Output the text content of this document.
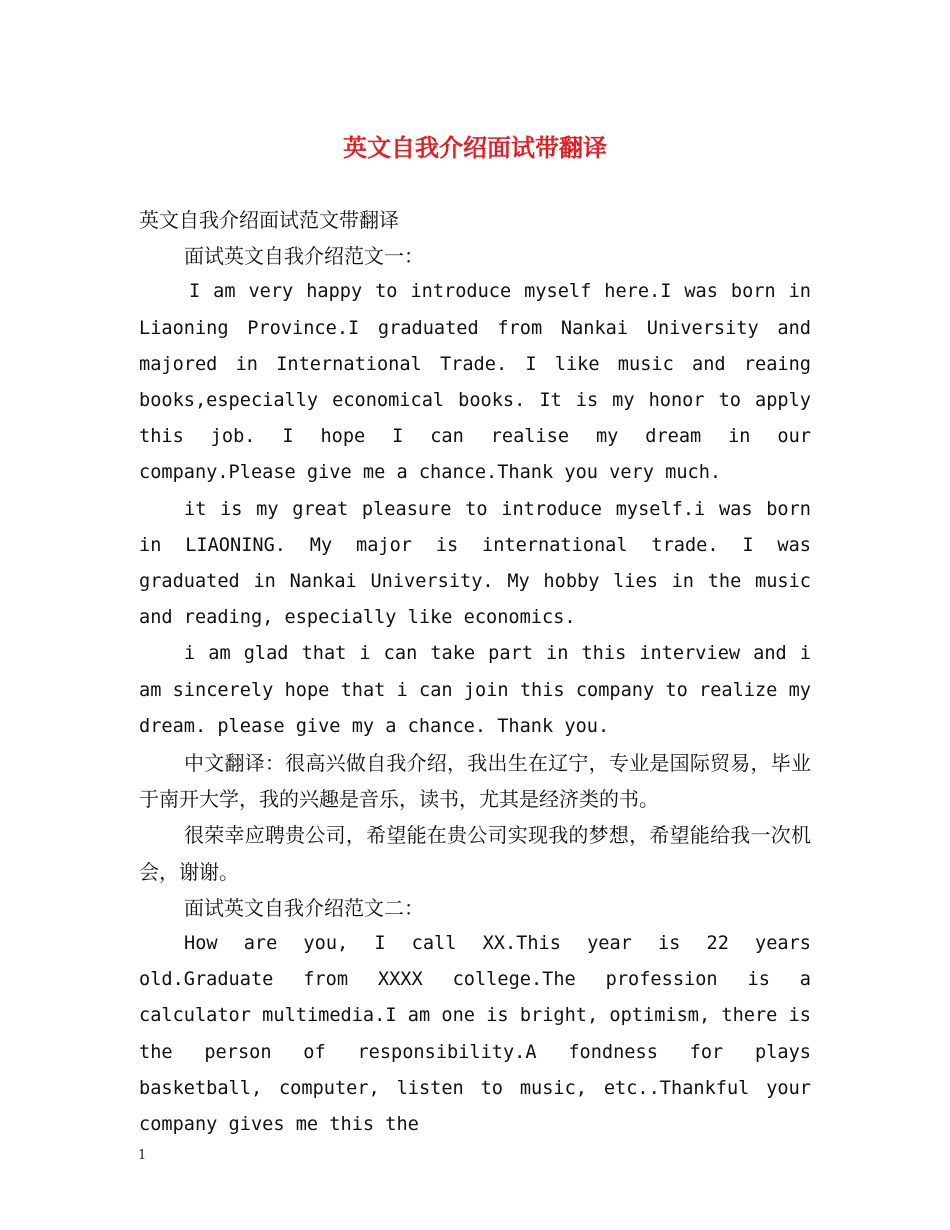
英文自我介绍面试带翻译

英文自我介绍面试范文带翻译

面试英文自我介绍范文一：

I am very happy to introduce myself here.I was born in Liaoning Province.I graduated from Nankai University and majored in International Trade. I like music and reaing books,especially economical books. It is my honor to apply this job. I hope I can realise my dream in our company.Please give me a chance.Thank you very much.

it is my great pleasure to introduce myself.i was born in LIAONING. My major is international trade. I was graduated in Nankai University. My hobby lies in the music and reading, especially like economics.

i am glad that i can take part in this interview and i am sincerely hope that i can join this company to realize my dream. please give my a chance. Thank you.

中文翻译：很高兴做自我介绍，我出生在辽宁，专业是国际贸易，毕业于南开大学，我的兴趣是音乐，读书，尤其是经济类的书。

很荣幸应聘贵公司，希望能在贵公司实现我的梦想，希望能给我一次机会，谢谢。

面试英文自我介绍范文二：

How are you, I call XX.This year is 22 years old.Graduate from XXXX college.The profession is a calculator multimedia.I am one is bright, optimism, there is the person of responsibility.A fondness for plays basketball, computer, listen to music, etc..Thankful your company gives me this the

1
